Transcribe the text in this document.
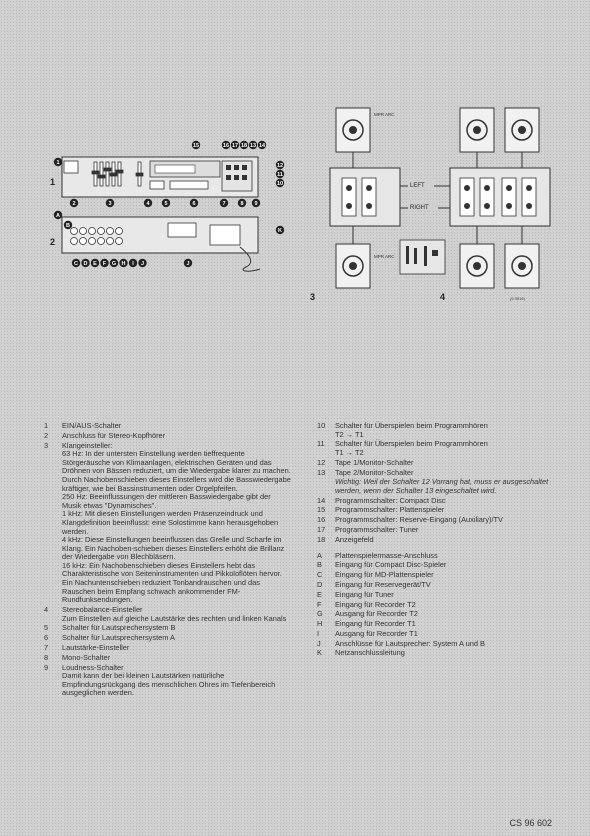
1
2
2	3	4	5	6	7	8 9
C D E F G H I J
15	16 17 18 13 14
12
11
10
1
A
B
K
J
MPR ARC
MPR ARC
LEFT
RIGHT
3	4	(5 3516)
1	EIN/AUS-Schalter
2	Anschluss für Stereo-Kopfhörer
3	Klangeinsteller:
63 Hz: In der untersten Einstellung werden tieffrequente Störgeräusche von Klimaanlagen, elektrischen Geräten und das Dröhnen von Bässen reduziert, um die Wiedergabe klarer zu machen. Durch Nachobenschieben dieses Einstellers wird die Basswiedergabe kräftiger, wie bei Bassinstrumenten oder Orgelpfeifen.
250 Hz: Beeinflussungen der mittleren Basswiedergabe gibt der Musik etwas "Dynamisches".
1 kHz: Mit diesen Einstellungen werden Präsenzeindruck und Klangdefinition beeinflusst: eine Solostimme kann herausgehoben werden.
4 kHz: Diese Einstellungen beeinflussen das Grelle und Scharfe im Klang. Ein Nachoben-schieben dieses Einstellers erhöht die Brillanz der Wiedergabe von Blechbläsern.
16 kHz: Ein Nachobenschieben dieses Einstellers hebt das Charakteristische von Seiteninstrumenten und Pikkoloflöten hervor. Ein Nachuntenschieben reduziert Tonbandrauschen und das Rauschen beim Empfang schwach ankommender FM-Rundfunksendungen.
4	Stereobalance-Einsteller
Zum Einstellen auf gleiche Lautstärke des rechten und linken Kanals
5	Schalter für Lautsprechersystem B
6	Schalter für Lautsprechersystem A
7	Lautstärke-Einsteller
8	Mono-Schalter
9	Loudness-Schalter
Damit kann der bei kleinen Lautstärken natürliche Empfindungsrückgang des menschlichen Ohres im Tiefenbereich ausgeglichen werden.
10	Schalter für Überspielen beim Programmhören
T2 → T1
11	Schalter für Überspielen beim Programmhören
T1 → T2
12	Tape 1/Monitor-Schalter
13	Tape 2/Monitor-Schalter
Wichtig: Weil der Schalter 12 Vorrang hat, muss er ausgeschaltet werden, wenn der Schalter 13 eingeschaltet wird.
14	Programmschalter: Compact Disc
15	Programmschalter: Plattenspieler
16	Programmschalter: Reserve-Eingang (Auxiliary)/TV
17	Programmschalter: Tuner
18	Anzeigefeld
A	Plattenspielermasse-Anschluss
B	Eingang für Compact Disc-Spieler
C	Eingang für MD-Plattenspieler
D	Eingang für Reservegerät/TV
E	Eingang für Tuner
F	Eingang für Recorder T2
G	Ausgang für Recorder T2
H	Eingang für Recorder T1
I	Ausgang für Recorder T1
J	Anschlüsse für Lautsprecher: System A und B
K	Netzanschlussleitung
CS 96 602
